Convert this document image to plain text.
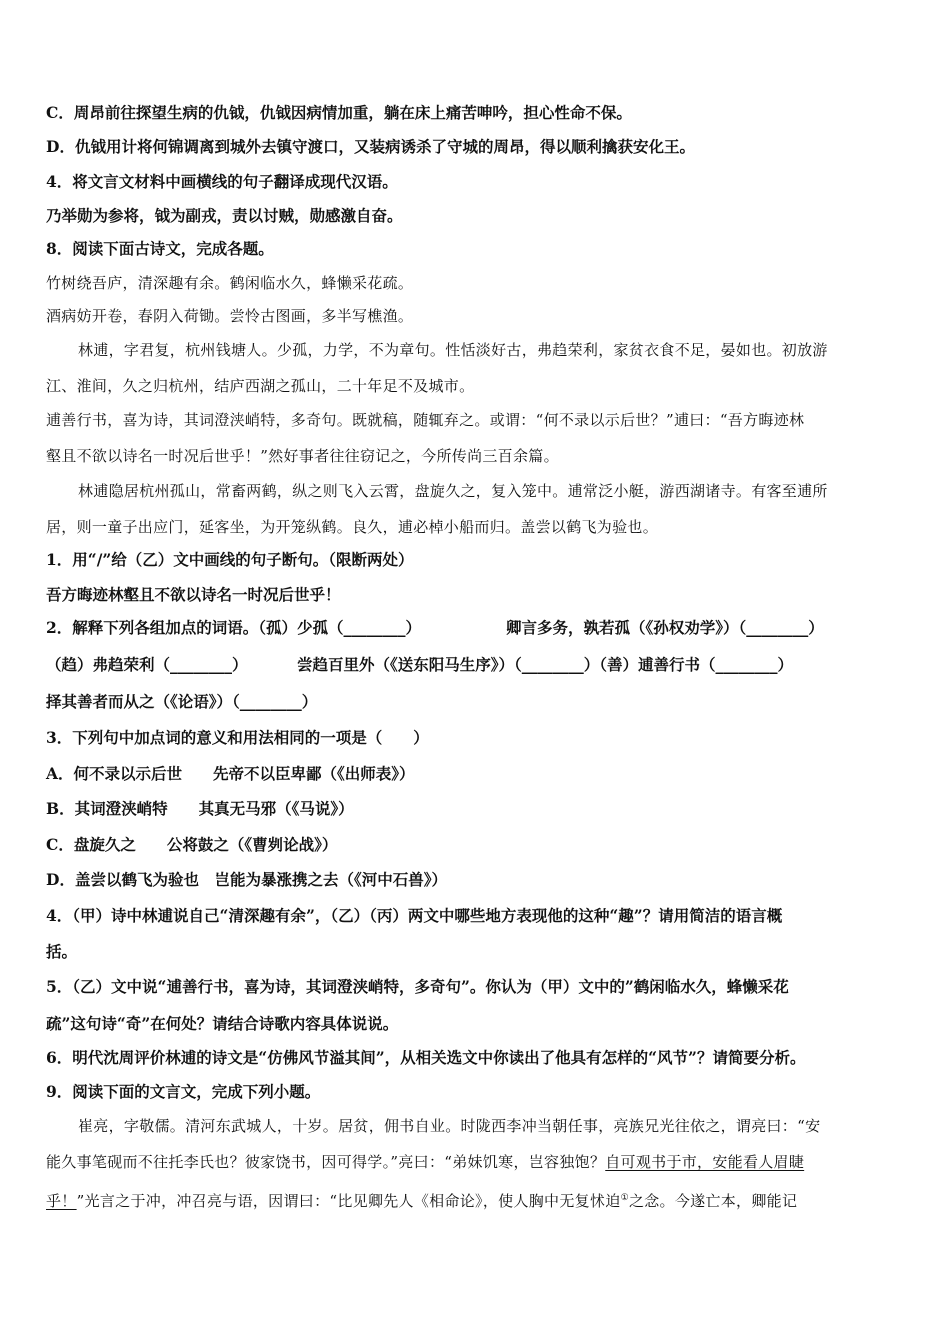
C．周昂前往探望生病的仇钺，仇钺因病情加重，躺在床上痛苦呻吟，担心性命不保。
D．仇钺用计将何锦调离到城外去镇守渡口，又装病诱杀了守城的周昂，得以顺利擒获安化王。
4．将文言文材料中画横线的句子翻译成现代汉语。
乃举勋为参将，钺为副戎，责以讨贼，勋感激自奋。
8．阅读下面古诗文，完成各题。
竹树绕吾庐，清深趣有余。鹤闲临水久，蜂懒采花疏。
酒病妨开卷，春阴入荷锄。尝怜古图画，多半写樵渔。
林逋，字君复，杭州钱塘人。少孤，力学，不为章句。性恬淡好古，弗趋荣利，家贫衣食不足，晏如也。初放游
江、淮间，久之归杭州，结庐西湖之孤山，二十年足不及城市。
逋善行书，喜为诗，其词澄浃峭特，多奇句。既就稿，随辄弃之。或谓：“何不录以示后世？”逋曰：“吾方晦迹林
壑且不欲以诗名一时况后世乎！”然好事者往往窃记之，今所传尚三百余篇。
林逋隐居杭州孤山，常畜两鹤，纵之则飞入云霄，盘旋久之，复入笼中。逋常泛小艇，游西湖诸寺。有客至逋所
居，则一童子出应门，延客坐，为开笼纵鹤。良久，逋必棹小船而归。盖尝以鹤飞为验也。
1．用“/”给（乙）文中画线的句子断句。（限断两处）
吾方晦迹林壑且不欲以诗名一时况后世乎！
2．解释下列各组加点的词语。（孤）少孤（________）	卿言多务，孰若孤（《孙权劝学》）（________）
（趋）弗趋荣利（________）	尝趋百里外（《送东阳马生序》）（________）（善）逋善行书（________）
择其善者而从之（《论语》）（________）
3．下列句中加点词的意义和用法相同的一项是（　　）
A．何不录以示后世　　先帝不以臣卑鄙（《出师表》）
B．其词澄浃峭特　　其真无马邪（《马说》）
C．盘旋久之　　公将鼓之（《曹刿论战》）
D．盖尝以鹤飞为验也　岂能为暴涨携之去（《河中石兽》）
4．（甲）诗中林逋说自己“清深趣有余”，（乙）（丙）两文中哪些地方表现他的这种“趣”？请用简洁的语言概
括。
5．（乙）文中说“逋善行书，喜为诗，其词澄浃峭特，多奇句”。你认为（甲）文中的”鹤闲临水久，蜂懒采花
疏”这句诗“奇”在何处？请结合诗歌内容具体说说。
6．明代沈周评价林逋的诗文是“仿佛风节溢其间”，从相关选文中你读出了他具有怎样的“风节”？请简要分析。
9．阅读下面的文言文，完成下列小题。
崔亮，字敬儒。清河东武城人，十岁。居贫，佣书自业。时陇西李冲当朝任事，亮族兄光往依之，谓亮曰：“安
能久事笔砚而不往托李氏也？彼家饶书，因可得学。”亮曰：“弟妹饥寒，岂容独饱？自可观书于市，安能看人眉睫
乎！”光言之于冲，冲召亮与语，因谓曰：“比见卿先人《相命论》，使人胸中无复怵迫①之念。今遂亡本，卿能记
